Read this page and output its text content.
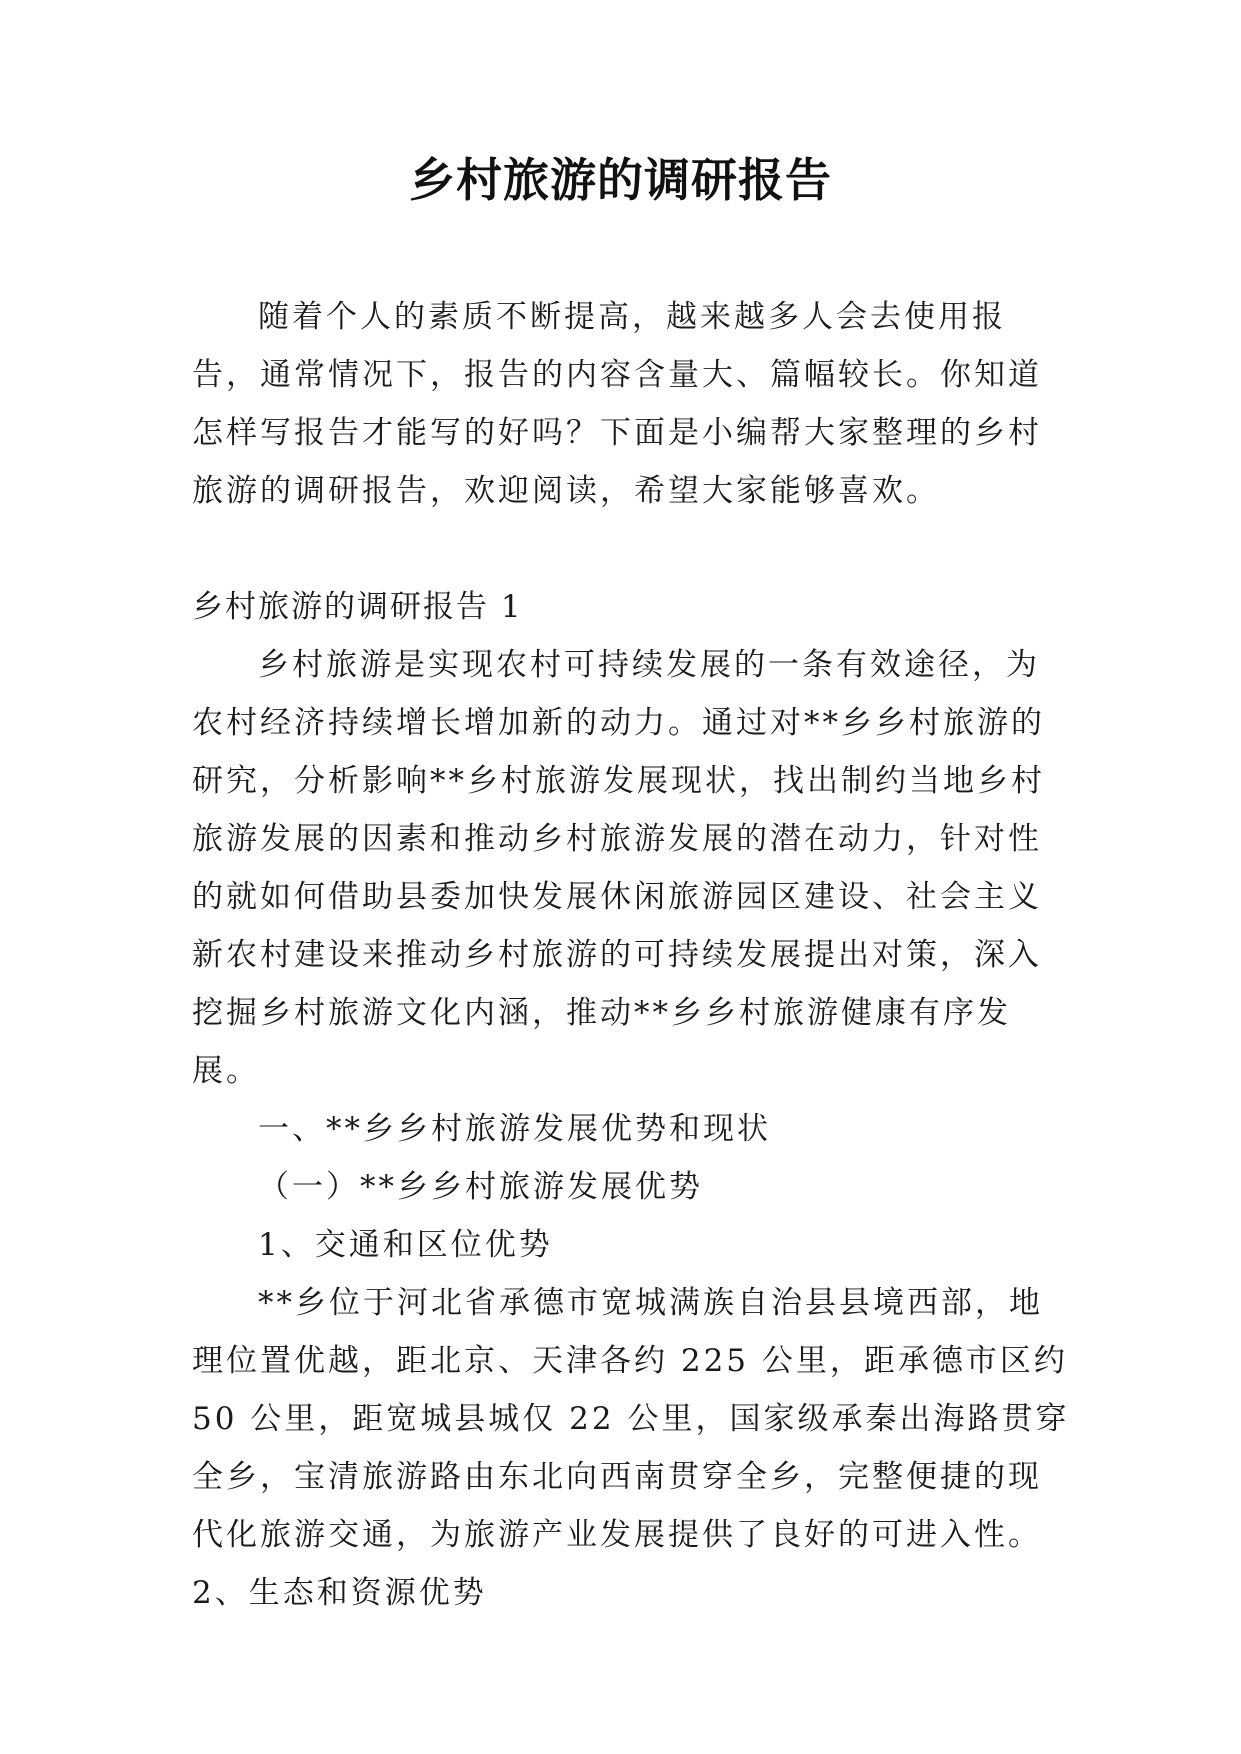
乡村旅游的调研报告

随着个人的素质不断提高，越来越多人会去使用报告，通常情况下，报告的内容含量大、篇幅较长。你知道怎样写报告才能写的好吗？下面是小编帮大家整理的乡村旅游的调研报告，欢迎阅读，希望大家能够喜欢。

乡村旅游的调研报告 1

乡村旅游是实现农村可持续发展的一条有效途径，为农村经济持续增长增加新的动力。通过对**乡乡村旅游的研究，分析影响**乡村旅游发展现状，找出制约当地乡村旅游发展的因素和推动乡村旅游发展的潜在动力，针对性的就如何借助县委加快发展休闲旅游园区建设、社会主义新农村建设来推动乡村旅游的可持续发展提出对策，深入挖掘乡村旅游文化内涵，推动**乡乡村旅游健康有序发展。

一、**乡乡村旅游发展优势和现状

（一）**乡乡村旅游发展优势

1、交通和区位优势

**乡位于河北省承德市宽城满族自治县县境西部，地理位置优越，距北京、天津各约 225 公里，距承德市区约 50 公里，距宽城县城仅 22 公里，国家级承秦出海路贯穿全乡，宝清旅游路由东北向西南贯穿全乡，完整便捷的现代化旅游交通，为旅游产业发展提供了良好的可进入性。 2、生态和资源优势
